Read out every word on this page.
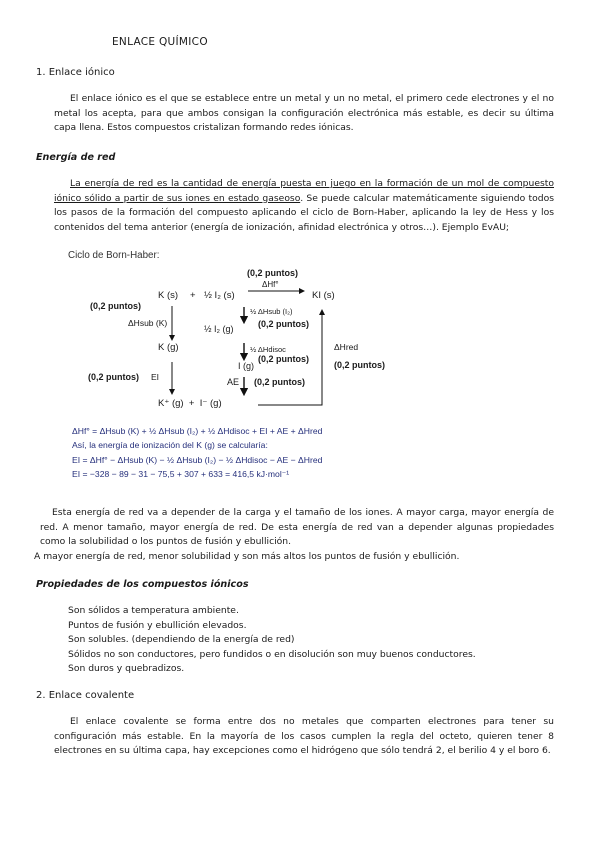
ENLACE QUÍMICO
1. Enlace iónico
El enlace iónico es el que se establece entre un metal y un no metal, el primero cede electrones y el no metal los acepta, para que ambos consigan la configuración electrónica más estable, es decir su última capa llena. Estos compuestos cristalizan formando redes iónicas.
Energía de red
La energía de red es la cantidad de energía puesta en juego en la formación de un mol de compuesto iónico sólido a partir de sus iones en estado gaseoso. Se puede calcular matemáticamente siguiendo todos los pasos de la formación del compuesto aplicando el ciclo de Born-Haber, aplicando la ley de Hess y los contenidos del tema anterior (energía de ionización, afinidad electrónica y otros…). Ejemplo EvAU;
Ciclo de Born-Haber:
(0,2 puntos)
ΔHf°
(0,2 puntos)
K (s) + ½ I₂ (s)	KI (s)
ΔHsub (K)
½ ΔHsub (I₂)
½ I₂ (g)	(0,2 puntos)
K (g)	½ ΔHdisoc
(0,2 puntos)
ΔHred
(0,2 puntos)
I (g)
(0,2 puntos) EI	AE (0,2 puntos)
K⁺ (g)  +  I⁻ (g)
ΔHf° = ΔHsub (K) + ½ ΔHsub (I₂) + ½ ΔHdisoc + EI + AE + ΔHred
Así, la energía de ionización del K (g) se calcularía:
EI = ΔHf° − ΔHsub (K) − ½ ΔHsub (I₂) − ½ ΔHdisoc − AE − ΔHred
EI = −328 − 89 − 31 − 75,5 + 307 + 633 = 416,5 kJ·mol⁻¹
Esta energía de red va a depender de la carga y el tamaño de los iones. A mayor carga, mayor energía de red. A menor tamaño, mayor energía de red. De esta energía de red van a depender algunas propiedades como la solubilidad o los puntos de fusión y ebullición.
A mayor energía de red, menor solubilidad y son más altos los puntos de fusión y ebullición.
Propiedades de los compuestos iónicos
Son sólidos a temperatura ambiente.
Puntos de fusión y ebullición elevados.
Son solubles. (dependiendo de la energía de red)
Sólidos no son conductores, pero fundidos o en disolución son muy buenos conductores.
Son duros y quebradizos.
2. Enlace covalente
El enlace covalente se forma entre dos no metales que comparten electrones para tener su configuración más estable. En la mayoría de los casos cumplen la regla del octeto, quieren tener 8 electrones en su última capa, hay excepciones como el hidrógeno que sólo tendrá 2, el berilio 4 y el boro 6.
